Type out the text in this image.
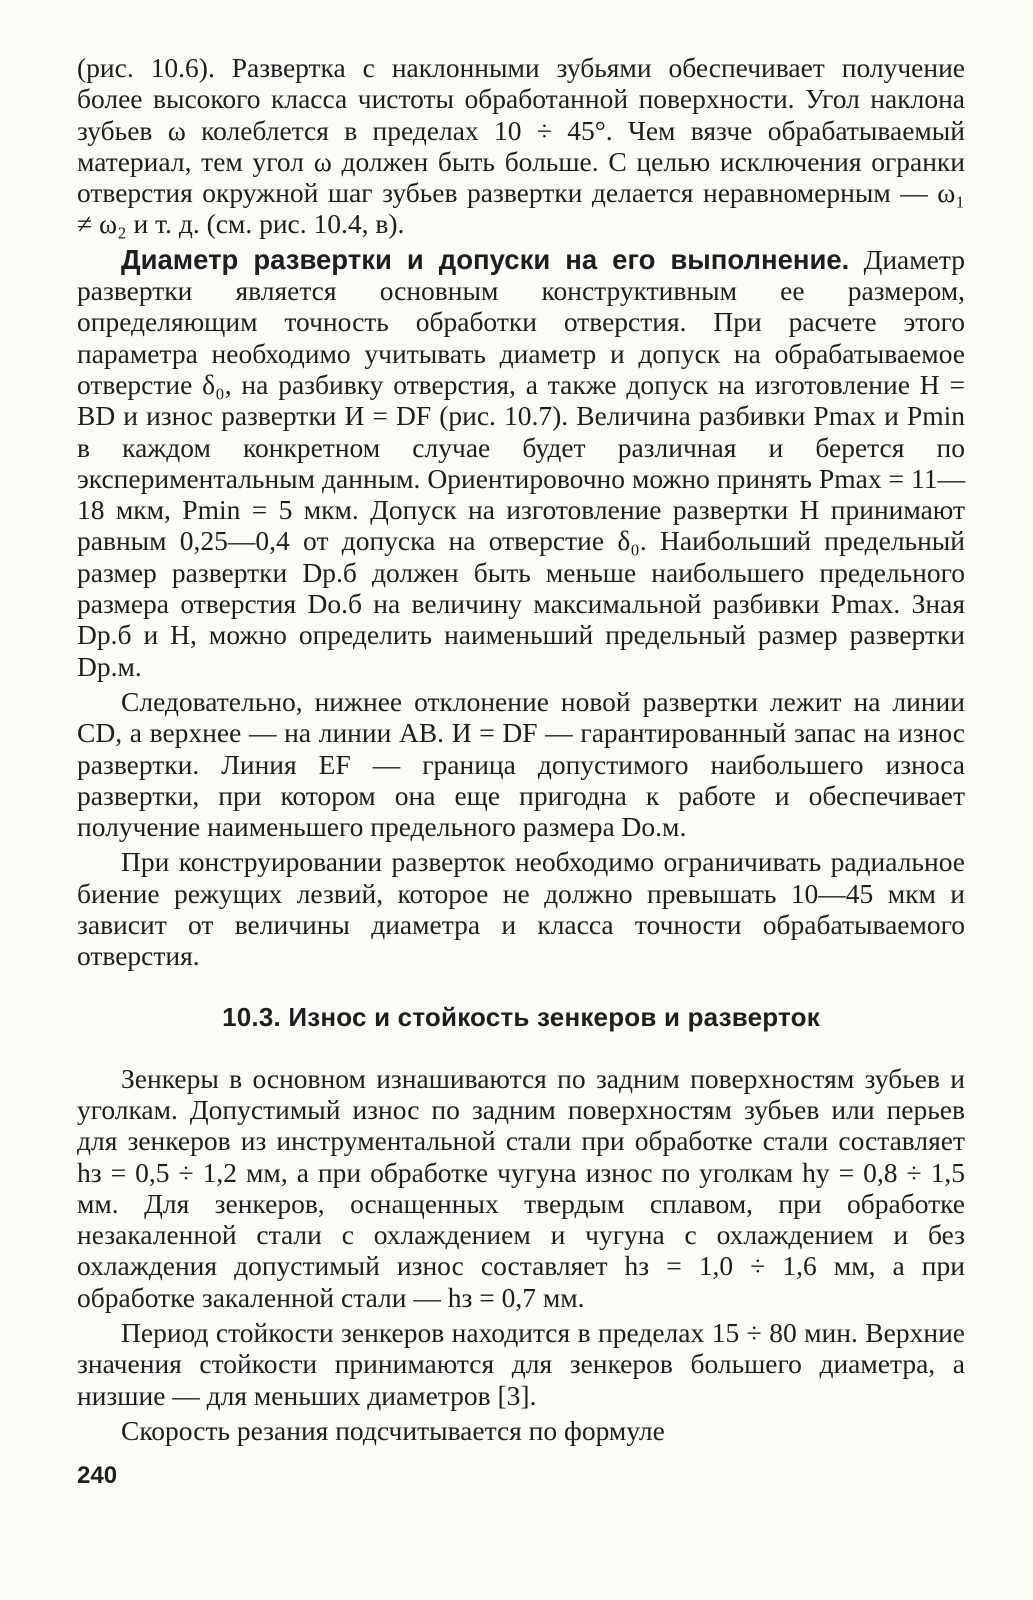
(рис. 10.6). Развертка с наклонными зубьями обеспечивает получение более высокого класса чистоты обработанной поверхности. Угол наклона зубьев ω колеблется в пределах 10 ÷ 45°. Чем вязче обрабатываемый материал, тем угол ω должен быть больше. С целью исключения огранки отверстия окружной шаг зубьев развертки делается неравномерным — ω₁ ≠ ω₂ и т. д. (см. рис. 10.4, в).

Диаметр развертки и допуски на его выполнение. Диаметр развертки является основным конструктивным ее размером, определяющим точность обработки отверстия. При расчете этого параметра необходимо учитывать диаметр и допуск на обрабатываемое отверстие δ₀, на разбивку отверстия, а также допуск на изготовление H = BD и износ развертки И = DF (рис. 10.7). Величина разбивки Pmax и Pmin в каждом конкретном случае будет различная и берется по экспериментальным данным. Ориентировочно можно принять Pmax = 11—18 мкм, Pmin = 5 мкм. Допуск на изготовление развертки H принимают равным 0,25—0,4 от допуска на отверстие δ₀. Наибольший предельный размер развертки Dр.б должен быть меньше наибольшего предельного размера отверстия Dо.б на величину максимальной разбивки Pmax. Зная Dр.б и H, можно определить наименьший предельный размер развертки Dр.м.

Следовательно, нижнее отклонение новой развертки лежит на линии CD, а верхнее — на линии AB. И = DF — гарантированный запас на износ развертки. Линия EF — граница допустимого наибольшего износа развертки, при котором она еще пригодна к работе и обеспечивает получение наименьшего предельного размера Dо.м.

При конструировании разверток необходимо ограничивать радиальное биение режущих лезвий, которое не должно превышать 10—45 мкм и зависит от величины диаметра и класса точности обрабатываемого отверстия.

10.3. Износ и стойкость зенкеров и разверток

Зенкеры в основном изнашиваются по задним поверхностям зубьев и уголкам. Допустимый износ по задним поверхностям зубьев или перьев для зенкеров из инструментальной стали при обработке стали составляет hз = 0,5 ÷ 1,2 мм, а при обработке чугуна износ по уголкам hу = 0,8 ÷ 1,5 мм. Для зенкеров, оснащенных твердым сплавом, при обработке незакаленной стали с охлаждением и чугуна с охлаждением и без охлаждения допустимый износ составляет hз = 1,0 ÷ 1,6 мм, а при обработке закаленной стали — hз = 0,7 мм.

Период стойкости зенкеров находится в пределах 15 ÷ 80 мин. Верхние значения стойкости принимаются для зенкеров большего диаметра, а низшие — для меньших диаметров [3].

Скорость резания подсчитывается по формуле

240
